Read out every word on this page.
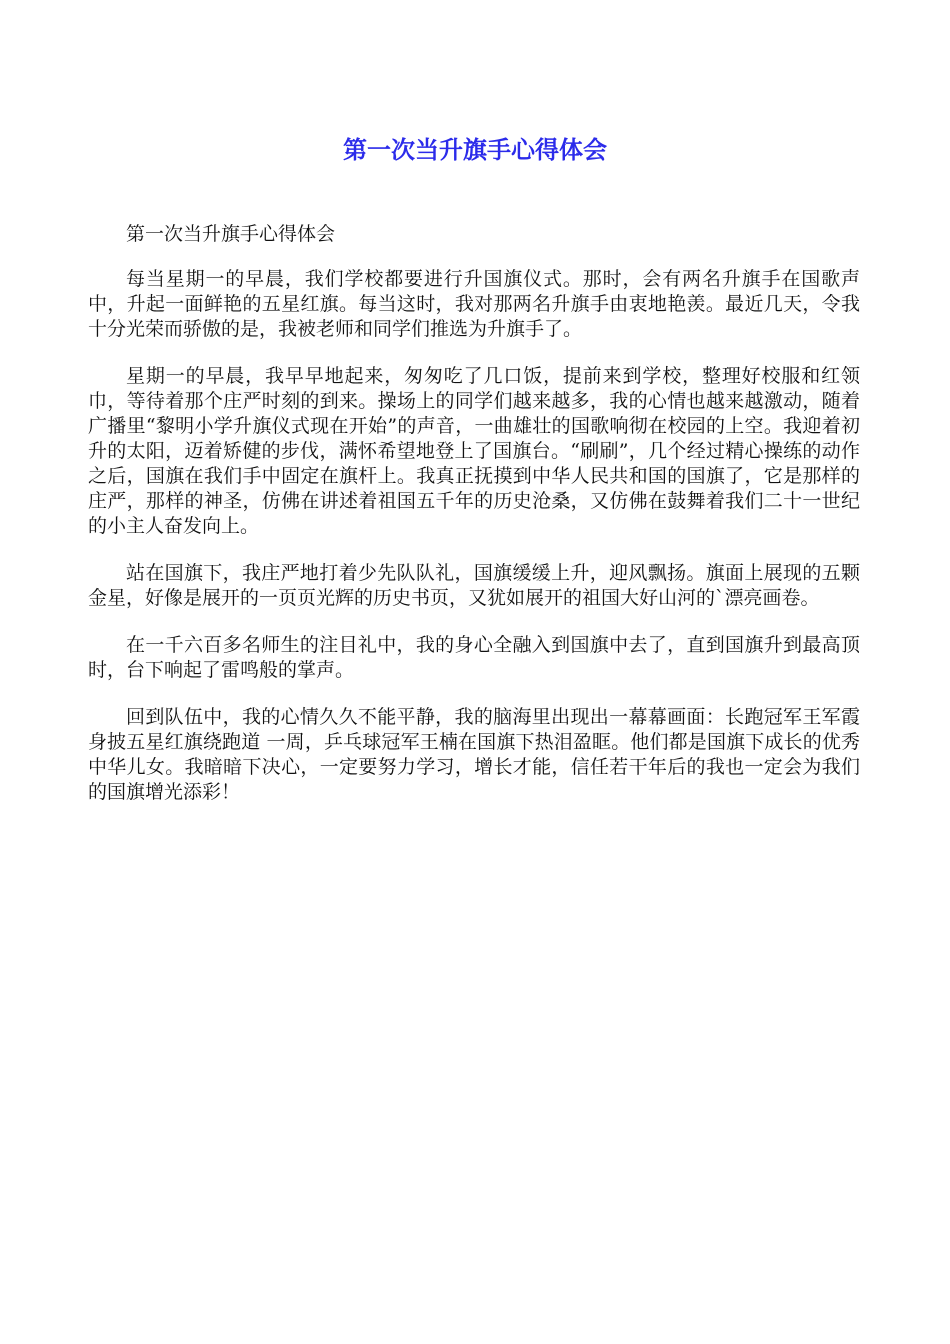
第一次当升旗手心得体会

第一次当升旗手心得体会

每当星期一的早晨，我们学校都要进行升国旗仪式。那时，会有两名升旗手在国歌声中，升起一面鲜艳的五星红旗。每当这时，我对那两名升旗手由衷地艳羡。最近几天，令我十分光荣而骄傲的是，我被老师和同学们推选为升旗手了。

星期一的早晨，我早早地起来，匆匆吃了几口饭，提前来到学校，整理好校服和红领巾，等待着那个庄严时刻的到来。操场上的同学们越来越多，我的心情也越来越激动，随着广播里“黎明小学升旗仪式现在开始”的声音，一曲雄壮的国歌响彻在校园的上空。我迎着初升的太阳，迈着矫健的步伐，满怀希望地登上了国旗台。“刷刷”，几个经过精心操练的动作之后，国旗在我们手中固定在旗杆上。我真正抚摸到中华人民共和国的国旗了，它是那样的庄严，那样的神圣，仿佛在讲述着祖国五千年的历史沧桑，又仿佛在鼓舞着我们二十一世纪的小主人奋发向上。

站在国旗下，我庄严地打着少先队队礼，国旗缓缓上升，迎风飘扬。旗面上展现的五颗金星，好像是展开的一页页光辉的历史书页，又犹如展开的祖国大好山河的`漂亮画卷。

在一千六百多名师生的注目礼中，我的身心全融入到国旗中去了，直到国旗升到最高顶时，台下响起了雷鸣般的掌声。

回到队伍中，我的心情久久不能平静，我的脑海里出现出一幕幕画面：长跑冠军王军霞身披五星红旗绕跑道 一周，乒乓球冠军王楠在国旗下热泪盈眶。他们都是国旗下成长的优秀中华儿女。我暗暗下决心，一定要努力学习，增长才能，信任若干年后的我也一定会为我们的国旗增光添彩！
